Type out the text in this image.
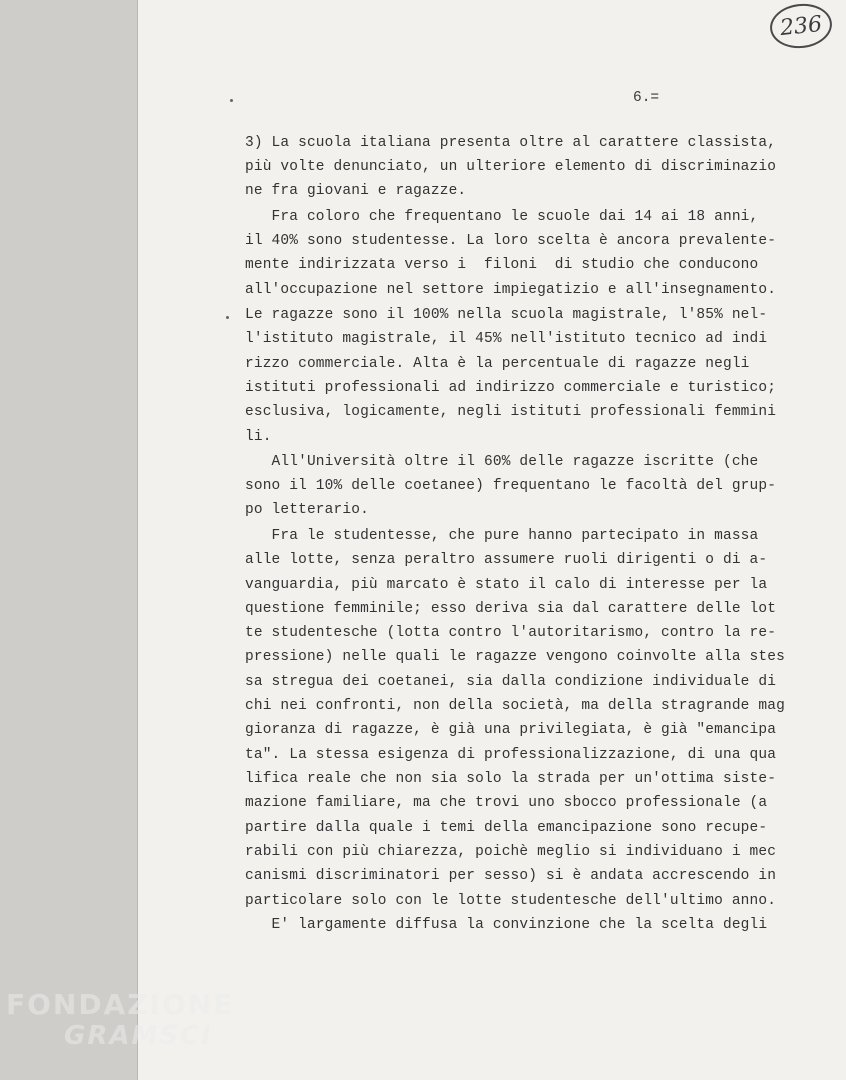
236
6.=
3) La scuola italiana presenta oltre al carattere classista,
più volte denunciato, un ulteriore elemento di discriminazio
ne fra giovani e ragazze.
Fra coloro che frequentano le scuole dai 14 ai 18 anni,
il 40% sono studentesse. La loro scelta è ancora prevalente-
mente indirizzata verso i  filoni  di studio che conducono
all'occupazione nel settore impiegatizio e all'insegnamento.
Le ragazze sono il 100% nella scuola magistrale, l'85% nel-
l'istituto magistrale, il 45% nell'istituto tecnico ad indi
rizzo commerciale. Alta è la percentuale di ragazze negli
istituti professionali ad indirizzo commerciale e turistico;
esclusiva, logicamente, negli istituti professionali femmini
li.
All'Università oltre il 60% delle ragazze iscritte (che
sono il 10% delle coetanee) frequentano le facoltà del grup-
po letterario.
Fra le studentesse, che pure hanno partecipato in massa
alle lotte, senza peraltro assumere ruoli dirigenti o di a-
vanguardia, più marcato è stato il calo di interesse per la
questione femminile; esso deriva sia dal carattere delle lot
te studentesche (lotta contro l'autoritarismo, contro la re-
pressione) nelle quali le ragazze vengono coinvolte alla stes
sa stregua dei coetanei, sia dalla condizione individuale di
chi nei confronti, non della società, ma della stragrande mag
gioranza di ragazze, è già una privilegiata, è già "emancipa
ta". La stessa esigenza di professionalizzazione, di una qua
lifica reale che non sia solo la strada per un'ottima siste-
mazione familiare, ma che trovi uno sbocco professionale (a
partire dalla quale i temi della emancipazione sono recupe-
rabili con più chiarezza, poichè meglio si individuano i mec
canismi discriminatori per sesso) si è andata accrescendo in
particolare solo con le lotte studentesche dell'ultimo anno.
E' largamente diffusa la convinzione che la scelta degli
FONDAZIONE
GRAMSCI
